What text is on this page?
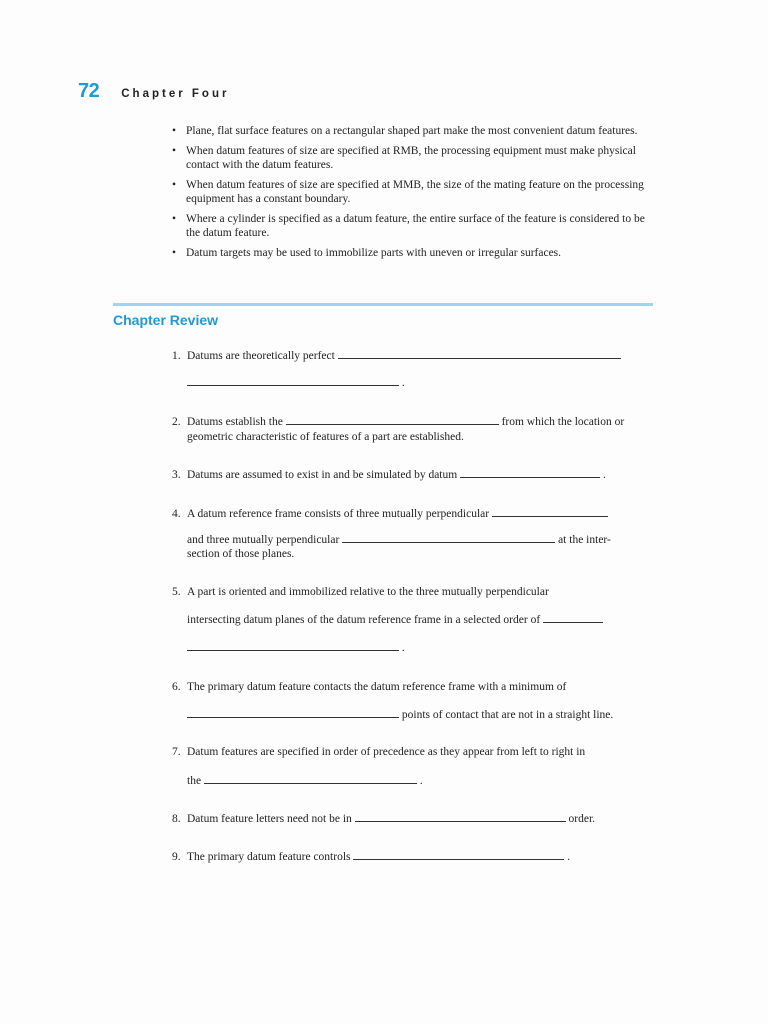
72 Chapter Four
• Plane, flat surface features on a rectangular shaped part make the most convenient datum features.
• When datum features of size are specified at RMB, the processing equipment must make physical contact with the datum features.
• When datum features of size are specified at MMB, the size of the mating feature on the processing equipment has a constant boundary.
• Where a cylinder is specified as a datum feature, the entire surface of the feature is considered to be the datum feature.
• Datum targets may be used to immobilize parts with uneven or irregular surfaces.
Chapter Review
1. Datums are theoretically perfect
.
2. Datums establish the	from which the location or
geometric characteristic of features of a part are established.
3. Datums are assumed to exist in and be simulated by datum	.
4. A datum reference frame consists of three mutually perpendicular
and three mutually perpendicular	at the inter-
section of those planes.
5. A part is oriented and immobilized relative to the three mutually perpendicular
intersecting datum planes of the datum reference frame in a selected order of
.
6. The primary datum feature contacts the datum reference frame with a minimum of
points of contact that are not in a straight line.
7. Datum features are specified in order of precedence as they appear from left to right in
the	.
8. Datum feature letters need not be in	order.
9. The primary datum feature controls	.
